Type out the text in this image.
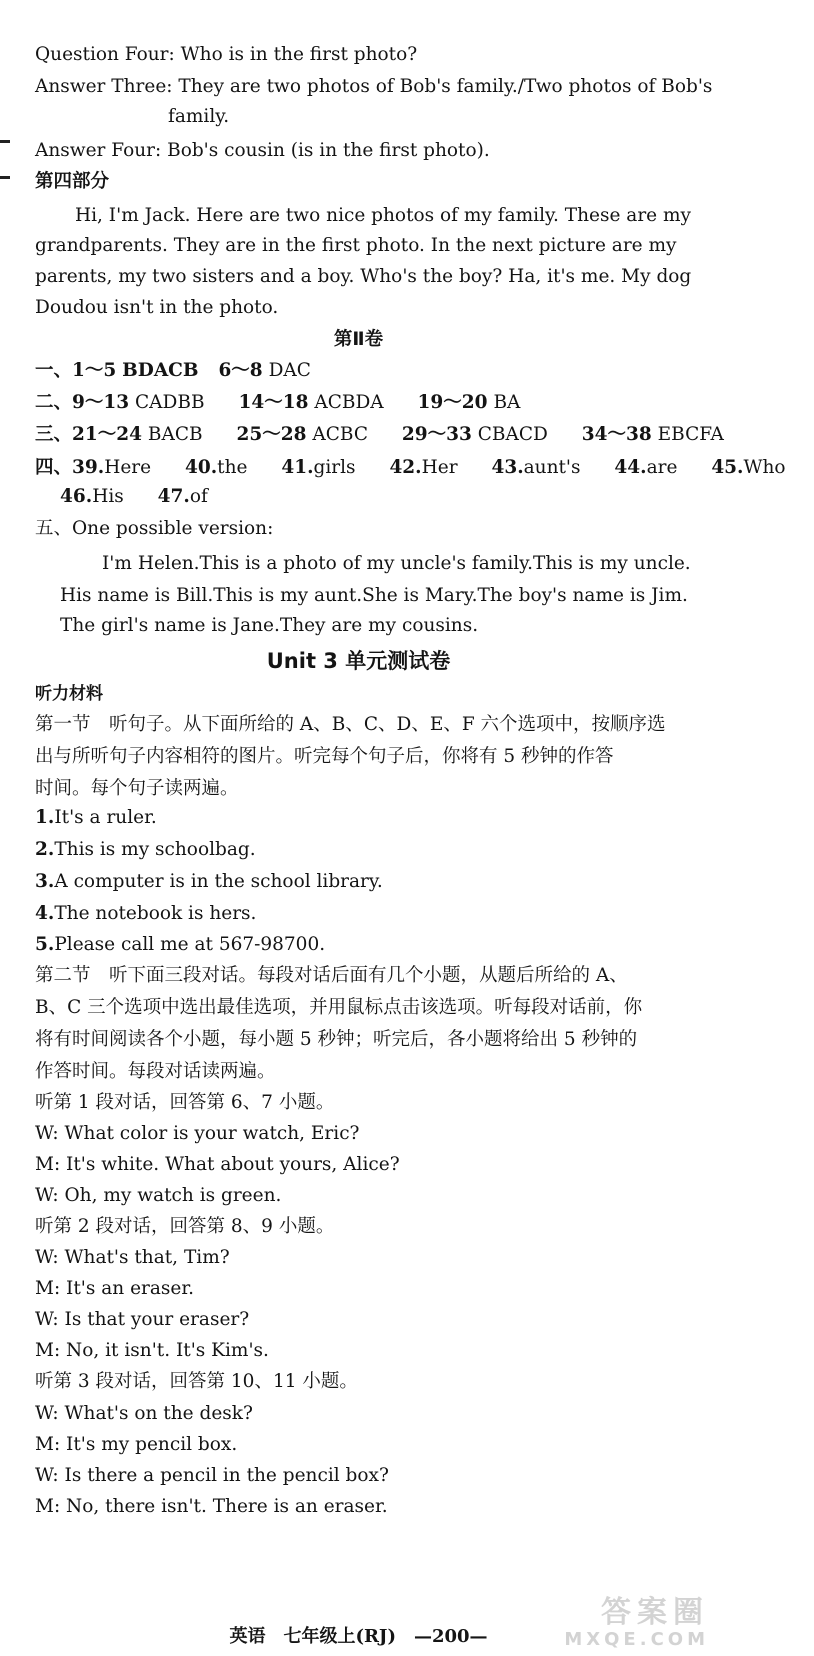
Question Four: Who is in the first photo?
Answer Three: They are two photos of Bob's family./Two photos of Bob's
family.
Answer Four: Bob's cousin (is in the first photo).
第四部分
Hi, I'm Jack. Here are two nice photos of my family. These are my
grandparents. They are in the first photo. In the next picture are my
parents, my two sisters and a boy. Who's the boy? Ha, it's me. My dog
Doudou isn't in the photo.
第Ⅱ卷
一、1～5 BDACB 6～8 DAC
二、9～13 CADBB 14～18 ACBDA 19～20 BA
三、21～24 BACB 25～28 ACBC 29～33 CBACD 34～38 EBCFA
四、39.Here 40.the 41.girls 42.Her 43.aunt's 44.are 45.Who
46.His 47.of
五、One possible version:
I'm Helen.This is a photo of my uncle's family.This is my uncle.
His name is Bill.This is my aunt.She is Mary.The boy's name is Jim.
The girl's name is Jane.They are my cousins.
Unit 3 单元测试卷
听力材料
第一节　听句子。从下面所给的 A、B、C、D、E、F 六个选项中，按顺序选
出与所听句子内容相符的图片。听完每个句子后，你将有 5 秒钟的作答
时间。每个句子读两遍。
1.It's a ruler.
2.This is my schoolbag.
3.A computer is in the school library.
4.The notebook is hers.
5.Please call me at 567-98700.
第二节　听下面三段对话。每段对话后面有几个小题，从题后所给的 A、
B、C 三个选项中选出最佳选项，并用鼠标点击该选项。听每段对话前，你
将有时间阅读各个小题，每小题 5 秒钟；听完后，各小题将给出 5 秒钟的
作答时间。每段对话读两遍。
听第 1 段对话，回答第 6、7 小题。
W: What color is your watch, Eric?
M: It's white. What about yours, Alice?
W: Oh, my watch is green.
听第 2 段对话，回答第 8、9 小题。
W: What's that, Tim?
M: It's an eraser.
W: Is that your eraser?
M: No, it isn't. It's Kim's.
听第 3 段对话，回答第 10、11 小题。
W: What's on the desk?
M: It's my pencil box.
W: Is there a pencil in the pencil box?
M: No, there isn't. There is an eraser.
英语　七年级上(RJ)　—200—
答案圈
MXQE.COM
